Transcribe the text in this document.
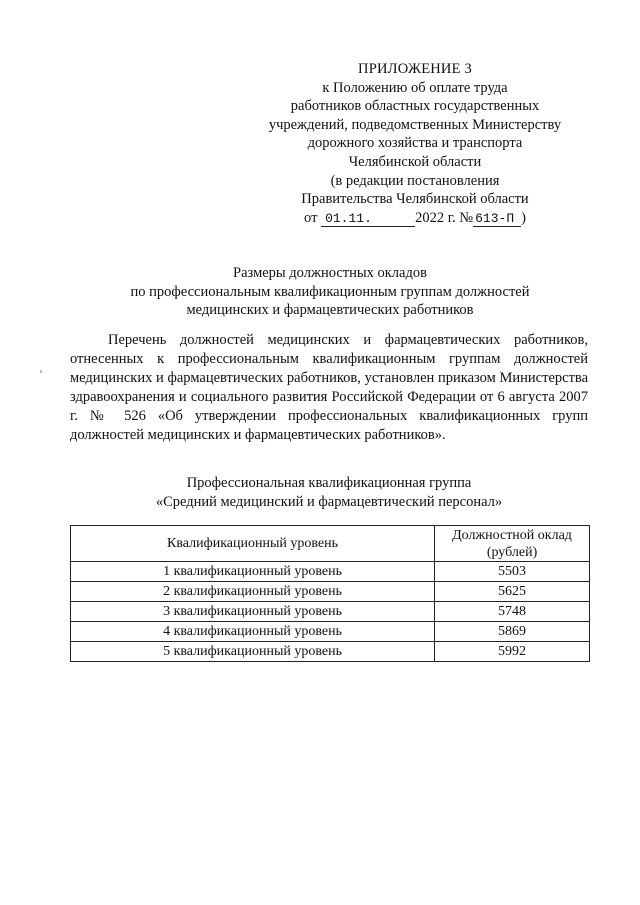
ПРИЛОЖЕНИЕ 3
к Положению об оплате труда
работников областных государственных
учреждений, подведомственных Министерству
дорожного хозяйства и транспорта
Челябинской области
(в редакции постановления
Правительства Челябинской области
от 01.11.	2022 г. № 613-П )
Размеры должностных окладов
по профессиональным квалификационным группам должностей
медицинских и фармацевтических работников

Перечень должностей медицинских и фармацевтических работников, отнесенных к профессиональным квалификационным группам должностей медицинских и фармацевтических работников, установлен приказом Министерства здравоохранения и социального развития Российской Федерации от 6 августа 2007 г. № 526 «Об утверждении профессиональных квалификационных групп должностей медицинских и фармацевтических работников».

Профессиональная квалификационная группа
«Средний медицинский и фармацевтический персонал»
Квалификационный уровень	Должностной оклад
(рублей)

1 квалификационный уровень	5503
2 квалификационный уровень	5625
3 квалификационный уровень	5748
4 квалификационный уровень	5869
5 квалификационный уровень	5992
